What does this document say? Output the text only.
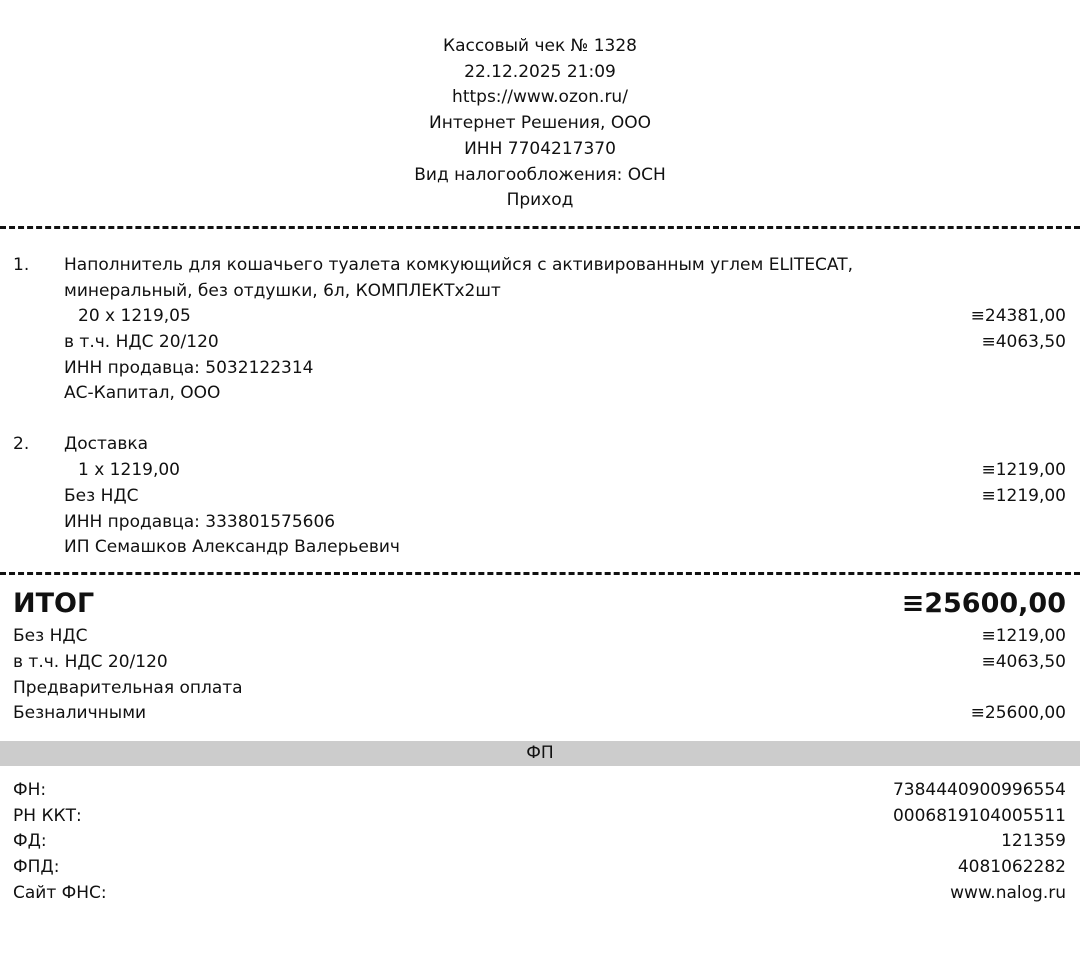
Кассовый чек № 1328
22.12.2025 21:09
https://www.ozon.ru/
Интернет Решения, ООО
ИНН 7704217370
Вид налогообложения: ОСН
Приход
1. Наполнитель для кошачьего туалета комкующийся с активированным углем ELITECAT,
минеральный, без отдушки, 6л, КОМПЛЕКТх2шт
20 x 1219,05	≡24381,00
в т.ч. НДС 20/120	≡4063,50
ИНН продавца: 5032122314
АС-Капитал, ООО
2. Доставка
1 x 1219,00	≡1219,00
Без НДС	≡1219,00
ИНН продавца: 333801575606
ИП Семашков Александр Валерьевич
ИТОГ	≡25600,00
Без НДС	≡1219,00
в т.ч. НДС 20/120	≡4063,50
Предварительная оплата
Безналичными	≡25600,00
ФП
ФН:	7384440900996554
РН ККТ:	0006819104005511
ФД:	121359
ФПД:	4081062282
Сайт ФНС:	www.nalog.ru
